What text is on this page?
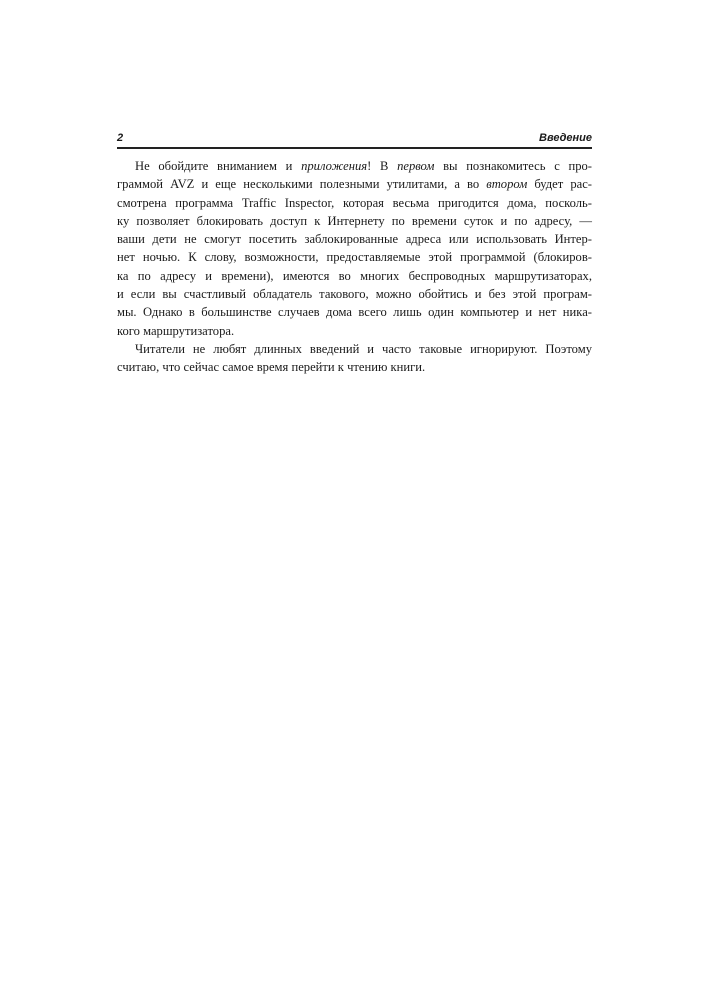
2	Введение
Не обойдите вниманием и приложения! В первом вы познакомитесь с про-
граммой AVZ и еще несколькими полезными утилитами, а во втором будет рас-
смотрена программа Traffic Inspector, которая весьма пригодится дома, посколь-
ку позволяет блокировать доступ к Интернету по времени суток и по адресу, —
ваши дети не смогут посетить заблокированные адреса или использовать Интер-
нет ночью. К слову, возможности, предоставляемые этой программой (блокиров-
ка по адресу и времени), имеются во многих беспроводных маршрутизаторах,
и если вы счастливый обладатель такового, можно обойтись и без этой програм-
мы. Однако в большинстве случаев дома всего лишь один компьютер и нет ника-
кого маршрутизатора.
Читатели не любят длинных введений и часто таковые игнорируют. Поэтому
считаю, что сейчас самое время перейти к чтению книги.
